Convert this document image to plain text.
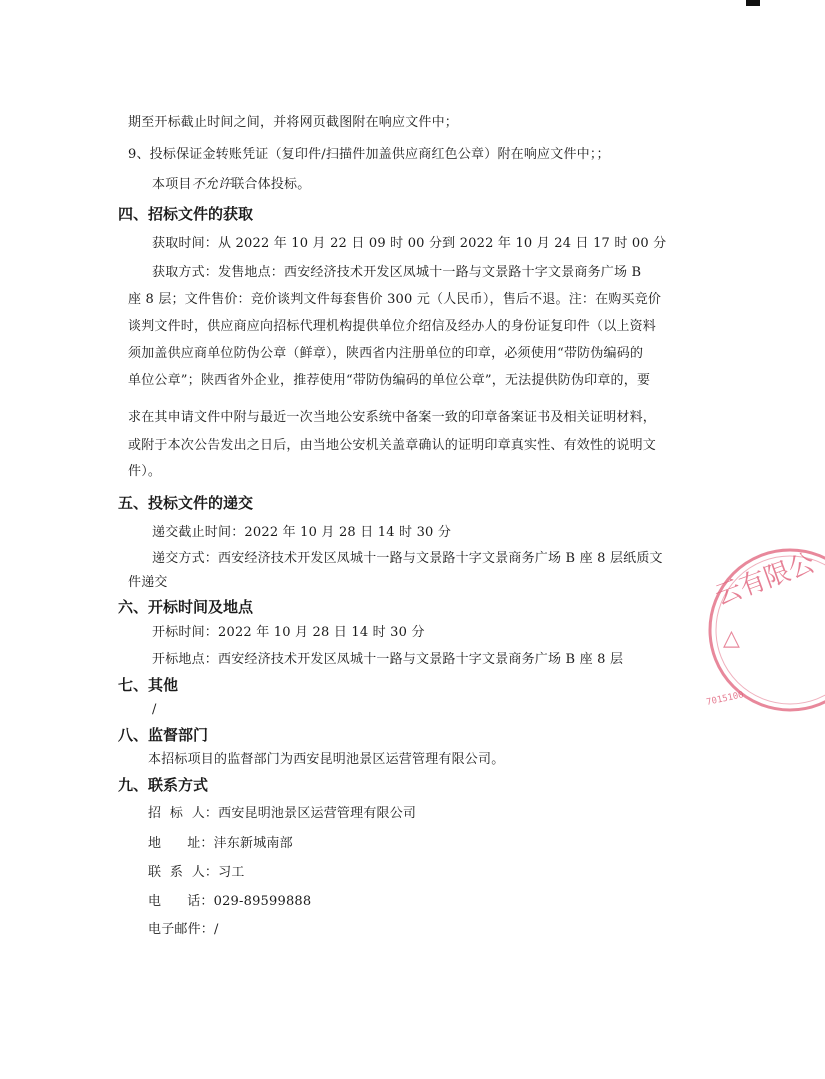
期至开标截止时间之间，并将网页截图附在响应文件中；
9、投标保证金转账凭证（复印件/扫描件加盖供应商红色公章）附在响应文件中；；
本项目不允许联合体投标。
四、招标文件的获取
获取时间：从 2022 年 10 月 22 日 09 时 00 分到 2022 年 10 月 24 日 17 时 00 分
获取方式：发售地点：西安经济技术开发区凤城十一路与文景路十字文景商务广场 B
座 8 层；文件售价：竞价谈判文件每套售价 300 元（人民币），售后不退。注：在购买竞价
谈判文件时，供应商应向招标代理机构提供单位介绍信及经办人的身份证复印件（以上资料
须加盖供应商单位防伪公章（鲜章），陕西省内注册单位的印章，必须使用“带防伪编码的
单位公章”；陕西省外企业，推荐使用“带防伪编码的单位公章”，无法提供防伪印章的，要
求在其申请文件中附与最近一次当地公安系统中备案一致的印章备案证书及相关证明材料，
或附于本次公告发出之日后，由当地公安机关盖章确认的证明印章真实性、有效性的说明文
件）。
五、投标文件的递交
递交截止时间：2022 年 10 月 28 日 14 时 30 分
递交方式：西安经济技术开发区凤城十一路与文景路十字文景商务广场 B 座 8 层纸质文
件递交
六、开标时间及地点
开标时间：2022 年 10 月 28 日 14 时 30 分
开标地点：西安经济技术开发区凤城十一路与文景路十字文景商务广场 B 座 8 层
七、其他
/
八、监督部门
本招标项目的监督部门为西安昆明池景区运营管理有限公司。
九、联系方式
招  标  人：西安昆明池景区运营管理有限公司
地      址：沣东新城南部
联  系  人：习工
电      话：029-89599888
电子邮件：/
云有限公
△
7015100
